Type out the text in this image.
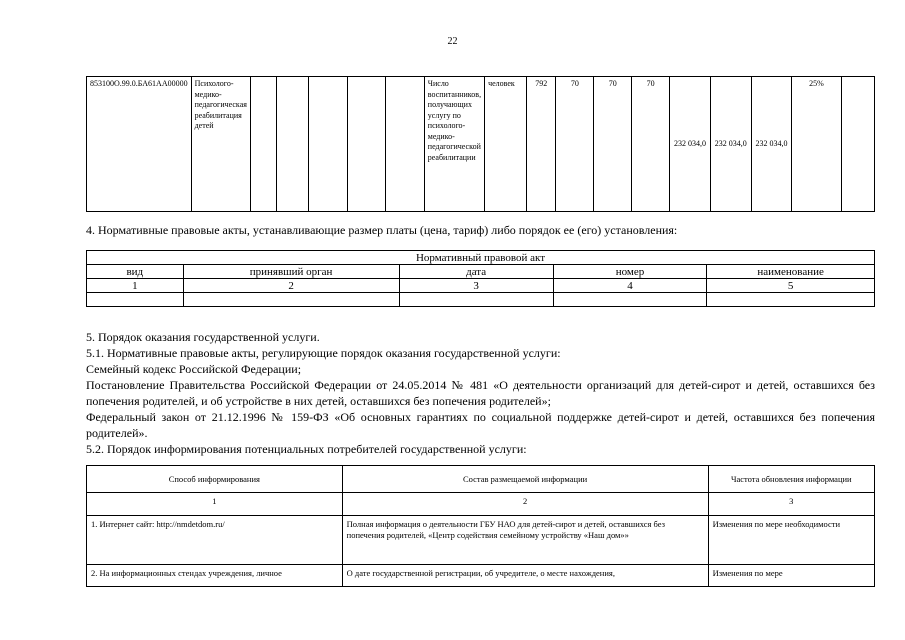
22
853100О.99.0.БА61АА00000	Психолого-медико-педагогическая реабилитация детей						Число воспитанников, получающих услугу по психолого-медико-педагогической реабилитации	человек	792	70	70	70	232 034,0	232 034,0	232 034,0	25%	
4. Нормативные правовые акты, устанавливающие размер платы (цена, тариф) либо порядок ее (его) установления:
Нормативный правовой акт				
вид	принявший орган	дата	номер	наименование
1	2	3	4	5

5. Порядок оказания государственной услуги.

5.1. Нормативные правовые акты, регулирующие порядок оказания государственной услуги:

Семейный кодекс Российской Федерации;

Постановление Правительства Российской Федерации от 24.05.2014 № 481 «О деятельности организаций для детей-сирот и детей, оставшихся без попечения родителей, и об устройстве в них детей, оставшихся без попечения родителей»;

Федеральный закон от 21.12.1996 № 159-ФЗ «Об основных гарантиях по социальной поддержке детей-сирот и детей, оставшихся без попечения родителей».

5.2. Порядок информирования потенциальных потребителей государственной услуги:

Способ информирования	Состав размещаемой информации	Частота обновления информации
1	2	3
1. Интернет сайт: http://nmdetdom.ru/	Полная информация о деятельности ГБУ НАО для детей-сирот и детей, оставшихся без попечения родителей, «Центр содействия семейному устройству «Наш дом»»	Изменения по мере необходимости
2. На информационных стендах учреждения, личное	О дате государственной регистрации, об учредителе, о месте нахождения,	Изменения по мере
